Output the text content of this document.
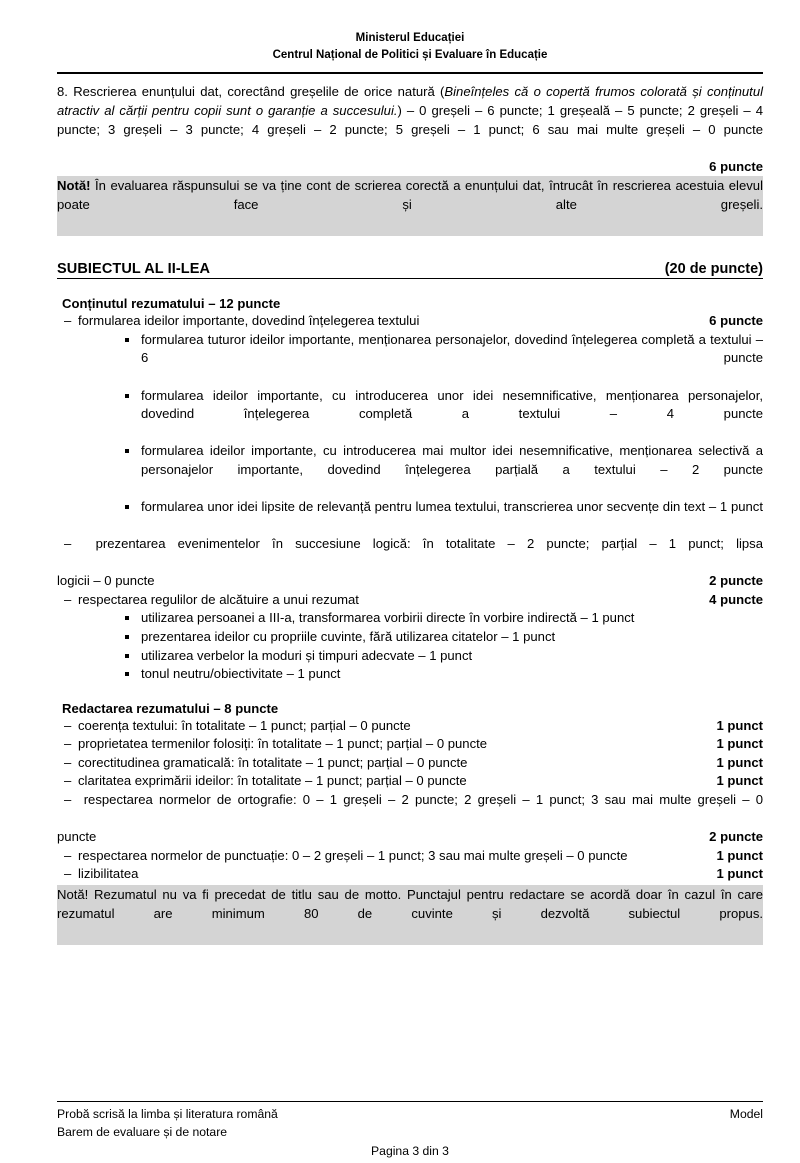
Ministerul Educației
Centrul Național de Politici și Evaluare în Educație
8. Rescrierea enunțului dat, corectând greșelile de orice natură (Bineînțeles că o copertă frumos colorată și conținutul atractiv al cărții pentru copii sunt o garanție a succesului.) – 0 greșeli – 6 puncte; 1 greșeală – 5 puncte; 2 greșeli – 4 puncte; 3 greșeli – 3 puncte; 4 greșeli – 2 puncte; 5 greșeli – 1 punct; 6 sau mai multe greșeli – 0 puncte
6 puncte
Notă! În evaluarea răspunsului se va ține cont de scrierea corectă a enunțului dat, întrucât în rescrierea acestuia elevul poate face și alte greșeli.
SUBIECTUL AL II-LEA	(20 de puncte)
Conținutul rezumatului – 12 puncte
– formularea ideilor importante, dovedind înțelegerea textului	6 puncte
formularea tuturor ideilor importante, menționarea personajelor, dovedind înțelegerea completă a textului – 6 puncte
formularea ideilor importante, cu introducerea unor idei nesemnificative, menționarea personajelor, dovedind înțelegerea completă a textului – 4 puncte
formularea ideilor importante, cu introducerea mai multor idei nesemnificative, menționarea selectivă a personajelor importante, dovedind înțelegerea parțială a textului – 2 puncte
formularea unor idei lipsite de relevanță pentru lumea textului, transcrierea unor secvențe din text – 1 punct
–  prezentarea evenimentelor în succesiune logică: în totalitate – 2 puncte; parțial – 1 punct; lipsa
logicii – 0 puncte	2 puncte
– respectarea regulilor de alcătuire a unui rezumat	4 puncte
utilizarea persoanei a III-a, transformarea vorbirii directe în vorbire indirectă – 1 punct
prezentarea ideilor cu propriile cuvinte, fără utilizarea citatelor – 1 punct
utilizarea verbelor la moduri și timpuri adecvate – 1 punct
tonul neutru/obiectivitate – 1 punct
Redactarea rezumatului – 8 puncte
– coerența textului: în totalitate – 1 punct; parțial – 0 puncte	1 punct
– proprietatea termenilor folosiți: în totalitate – 1 punct; parțial – 0 puncte	1 punct
– corectitudinea gramaticală: în totalitate – 1 punct; parțial – 0 puncte	1 punct
– claritatea exprimării ideilor: în totalitate – 1 punct; parțial – 0 puncte	1 punct
–  respectarea normelor de ortografie: 0 – 1 greșeli – 2 puncte; 2 greșeli – 1 punct; 3 sau mai multe greșeli – 0
puncte	2 puncte
– respectarea normelor de punctuație: 0 – 2 greșeli – 1 punct; 3 sau mai multe greșeli – 0 puncte	1 punct
– lizibilitatea	1 punct
Notă! Rezumatul nu va fi precedat de titlu sau de motto. Punctajul pentru redactare se acordă doar în cazul în care rezumatul are minimum 80 de cuvinte și dezvoltă subiectul propus.
Probă scrisă la limba și literatura română
Barem de evaluare și de notare
Model
Pagina 3 din 3
